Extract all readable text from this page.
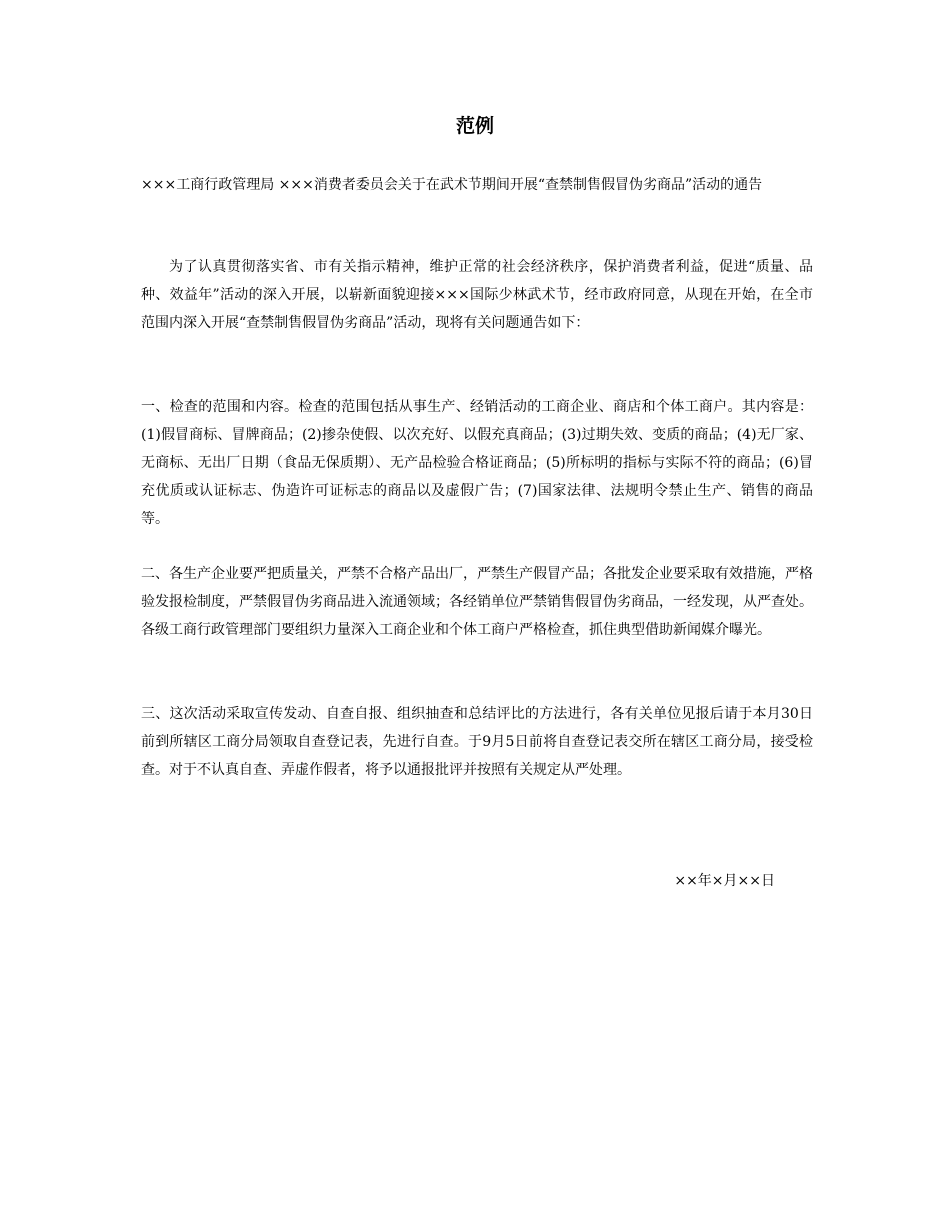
范例
×××工商行政管理局 ×××消费者委员会关于在武术节期间开展“查禁制售假冒伪劣商品”活动的通告
为了认真贯彻落实省、市有关指示精神，维护正常的社会经济秩序，保护消费者利益，促进“质量、品种、效益年”活动的深入开展，以崭新面貌迎接×××国际少林武术节，经市政府同意，从现在开始，在全市范围内深入开展“查禁制售假冒伪劣商品”活动，现将有关问题通告如下：
一、检查的范围和内容。检查的范围包括从事生产、经销活动的工商企业、商店和个体工商户。其内容是：(1)假冒商标、冒牌商品；(2)掺杂使假、以次充好、以假充真商品；(3)过期失效、变质的商品；(4)无厂家、无商标、无出厂日期（食品无保质期）、无产品检验合格证商品；(5)所标明的指标与实际不符的商品；(6)冒充优质或认证标志、伪造许可证标志的商品以及虚假广告；(7)国家法律、法规明令禁止生产、销售的商品等。
二、各生产企业要严把质量关，严禁不合格产品出厂，严禁生产假冒产品；各批发企业要采取有效措施，严格验发报检制度，严禁假冒伪劣商品进入流通领域；各经销单位严禁销售假冒伪劣商品，一经发现，从严查处。各级工商行政管理部门要组织力量深入工商企业和个体工商户严格检查，抓住典型借助新闻媒介曝光。
三、这次活动采取宣传发动、自查自报、组织抽查和总结评比的方法进行，各有关单位见报后请于本月30日前到所辖区工商分局领取自查登记表，先进行自查。于9月5日前将自查登记表交所在辖区工商分局，接受检查。对于不认真自查、弄虚作假者，将予以通报批评并按照有关规定从严处理。
××年×月××日
